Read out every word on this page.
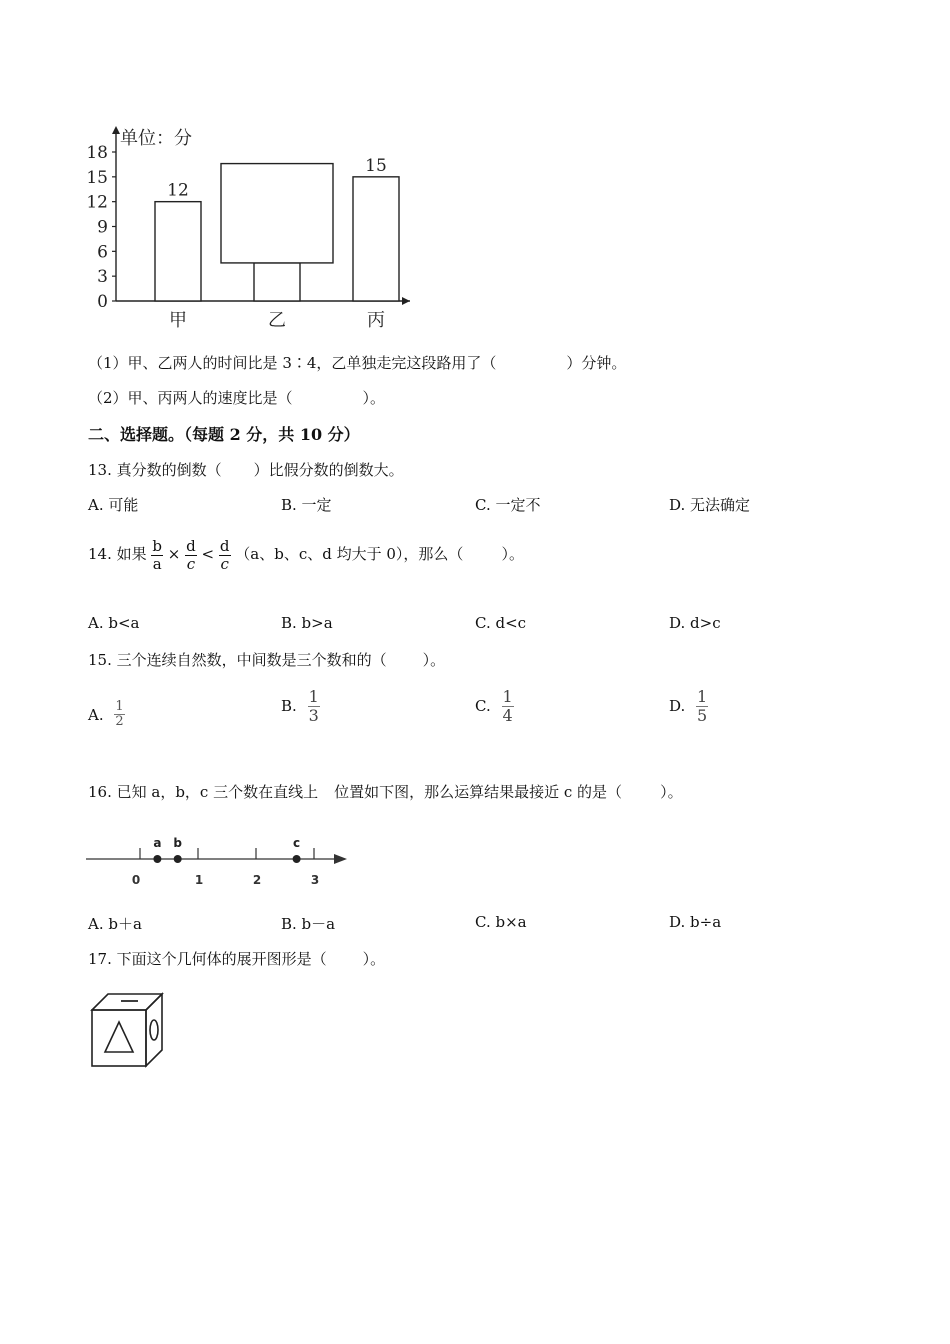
单位：分
0
3
6
9
12
15
18
甲
12
乙	丙
15
（1）甲、乙两人的时间比是 3∶4，乙单独走完这段路用了（	）分钟。
（2）甲、丙两人的速度比是（	）。
二、选择题。（每题 2 分，共 10 分）
13. 真分数的倒数（ ）比假分数的倒数大。
A. 可能	B. 一定	C. 一定不	D. 无法确定
14. 如果 $\frac{b}{a} \times \frac{d}{c} < \frac{d}{c} (a$、b、c、d 均大于 0），那么（	）。
A. b<a	B. b>a	C. d<c	D. d>c
15. 三个连续自然数，中间数是三个数和的（ ）。
A. $\frac{1}{2}$	B. $\frac{1}{3}$	C. $\frac{1}{4}$	D. $\frac{1}{5}$
16. 已知 a，b，c 三个数在直线上 位置如下图，那么运算结果最接近 c 的是（	）。
0	1	2	3
a b	c
A. b＋a	B. b－a	C. b×a	D. b÷a
17. 下面这个几何体的展开图形是（ ）。
